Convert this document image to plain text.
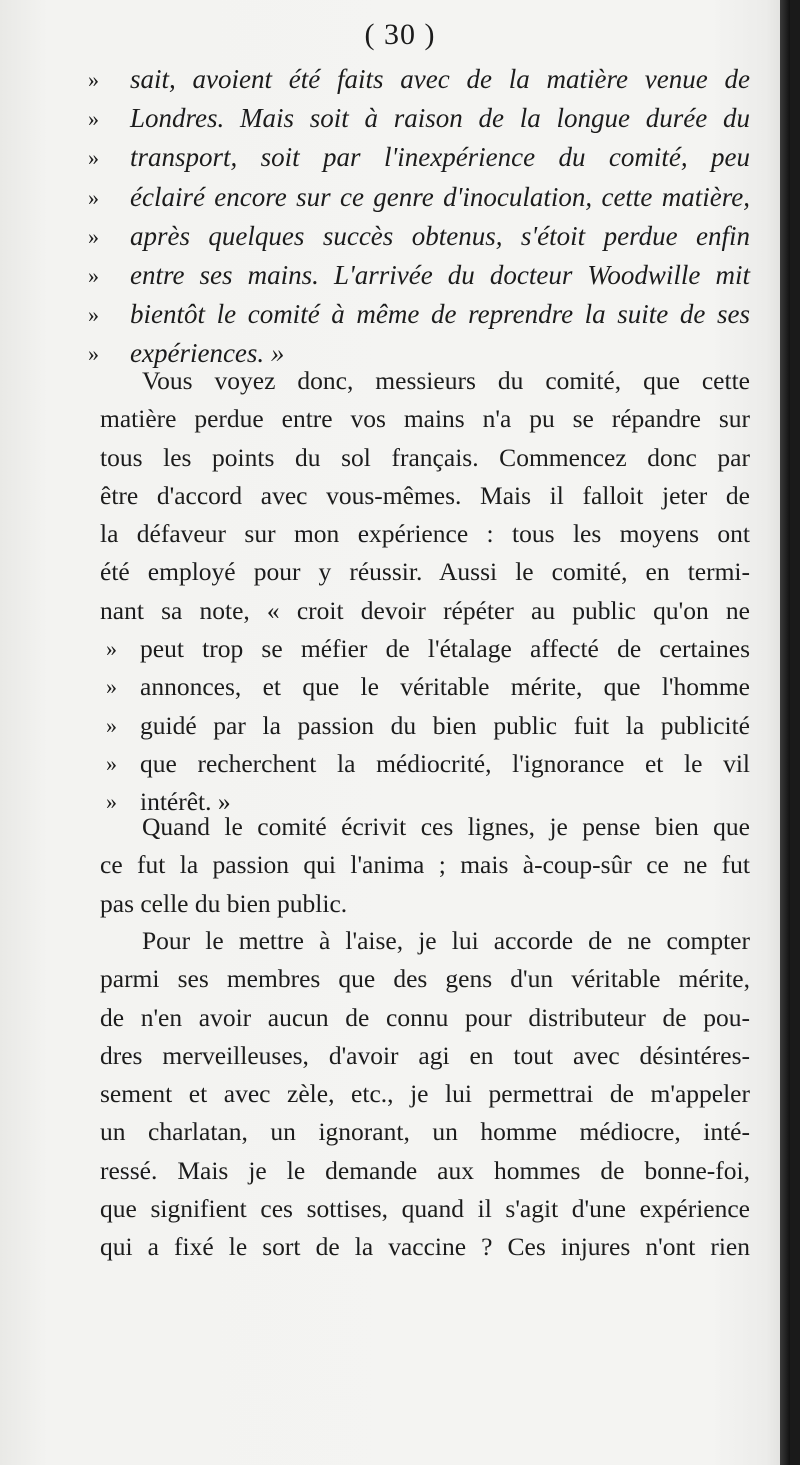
( 30 )
» sait, avoient été faits avec de la matière venue de
» Londres. Mais soit à raison de la longue durée du
» transport, soit par l'inexpérience du comité, peu
» éclairé encore sur ce genre d'inoculation, cette matière,
» après quelques succès obtenus, s'étoit perdue enfin
» entre ses mains. L'arrivée du docteur Woodwille mit
» bientôt le comité à même de reprendre la suite de ses
» expériences. »
Vous voyez donc, messieurs du comité, que cette
matière perdue entre vos mains n'a pu se répandre sur
tous les points du sol français. Commencez donc par
être d'accord avec vous-mêmes. Mais il falloit jeter de
la défaveur sur mon expérience : tous les moyens ont
été employé pour y réussir. Aussi le comité, en termi-
nant sa note, « croit devoir répéter au public qu'on ne
» peut trop se méfier de l'étalage affecté de certaines
» annonces, et que le véritable mérite, que l'homme
» guidé par la passion du bien public fuit la publicité
» que recherchent la médiocrité, l'ignorance et le vil
» intérêt. »
Quand le comité écrivit ces lignes, je pense bien que
ce fut la passion qui l'anima ; mais à-coup-sûr ce ne fut
pas celle du bien public.
Pour le mettre à l'aise, je lui accorde de ne compter
parmi ses membres que des gens d'un véritable mérite,
de n'en avoir aucun de connu pour distributeur de pou-
dres merveilleuses, d'avoir agi en tout avec désintéres-
sement et avec zèle, etc., je lui permettrai de m'appeler
un charlatan, un ignorant, un homme médiocre, inté-
ressé. Mais je le demande aux hommes de bonne-foi,
que signifient ces sottises, quand il s'agit d'une expérience
qui a fixé le sort de la vaccine ? Ces injures n'ont rien
